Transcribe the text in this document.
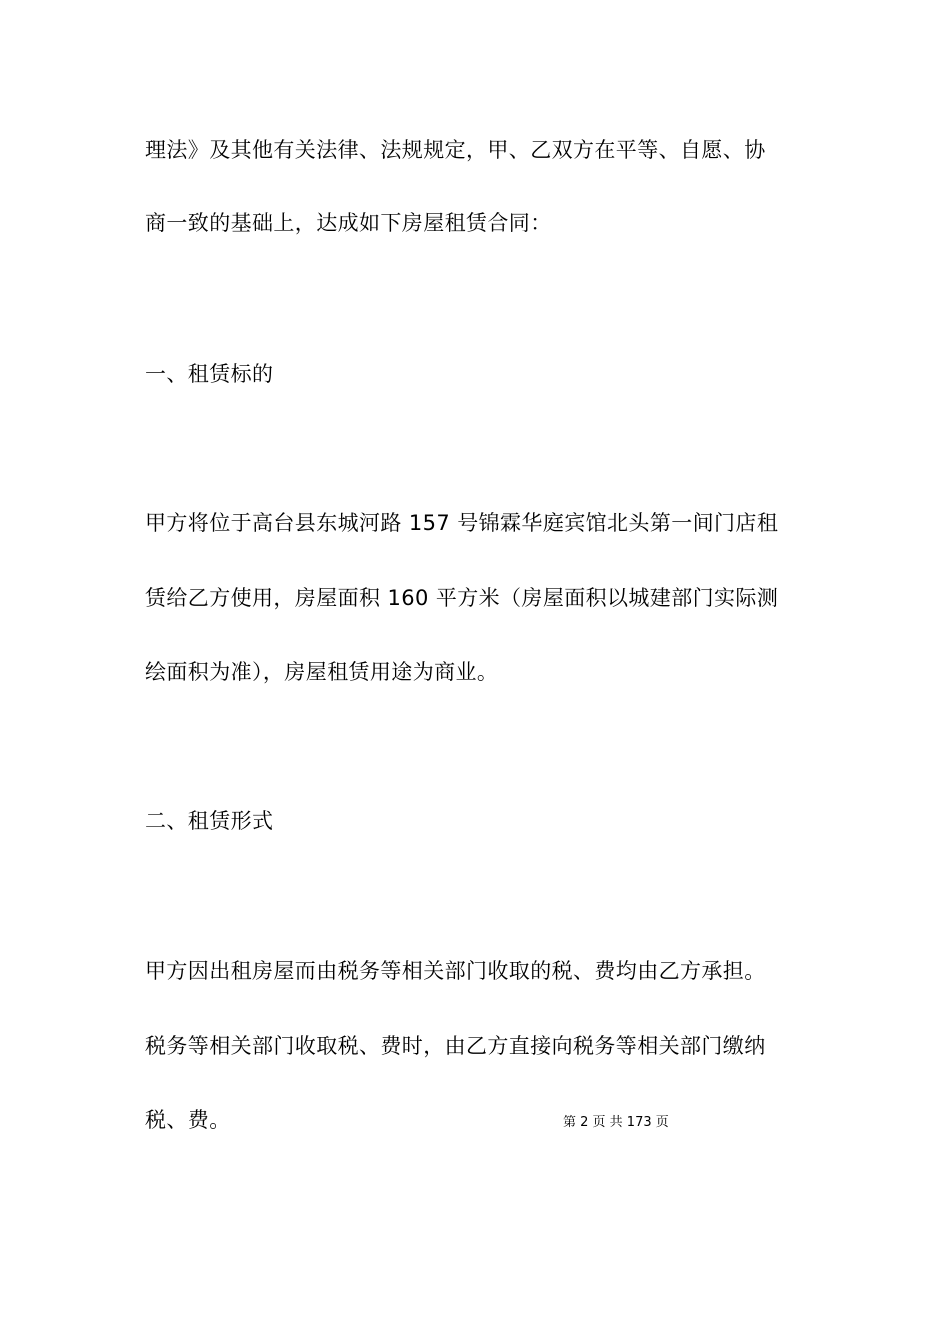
理法》及其他有关法律、法规规定，甲、乙双方在平等、自愿、协
商一致的基础上，达成如下房屋租赁合同：
一、租赁标的
甲方将位于高台县东城河路 157 号锦霖华庭宾馆北头第一间门店租
赁给乙方使用，房屋面积 160 平方米（房屋面积以城建部门实际测
绘面积为准），房屋租赁用途为商业。
二、租赁形式
甲方因出租房屋而由税务等相关部门收取的税、费均由乙方承担。
税务等相关部门收取税、费时，由乙方直接向税务等相关部门缴纳
税、费。	第 2 页 共 173 页
